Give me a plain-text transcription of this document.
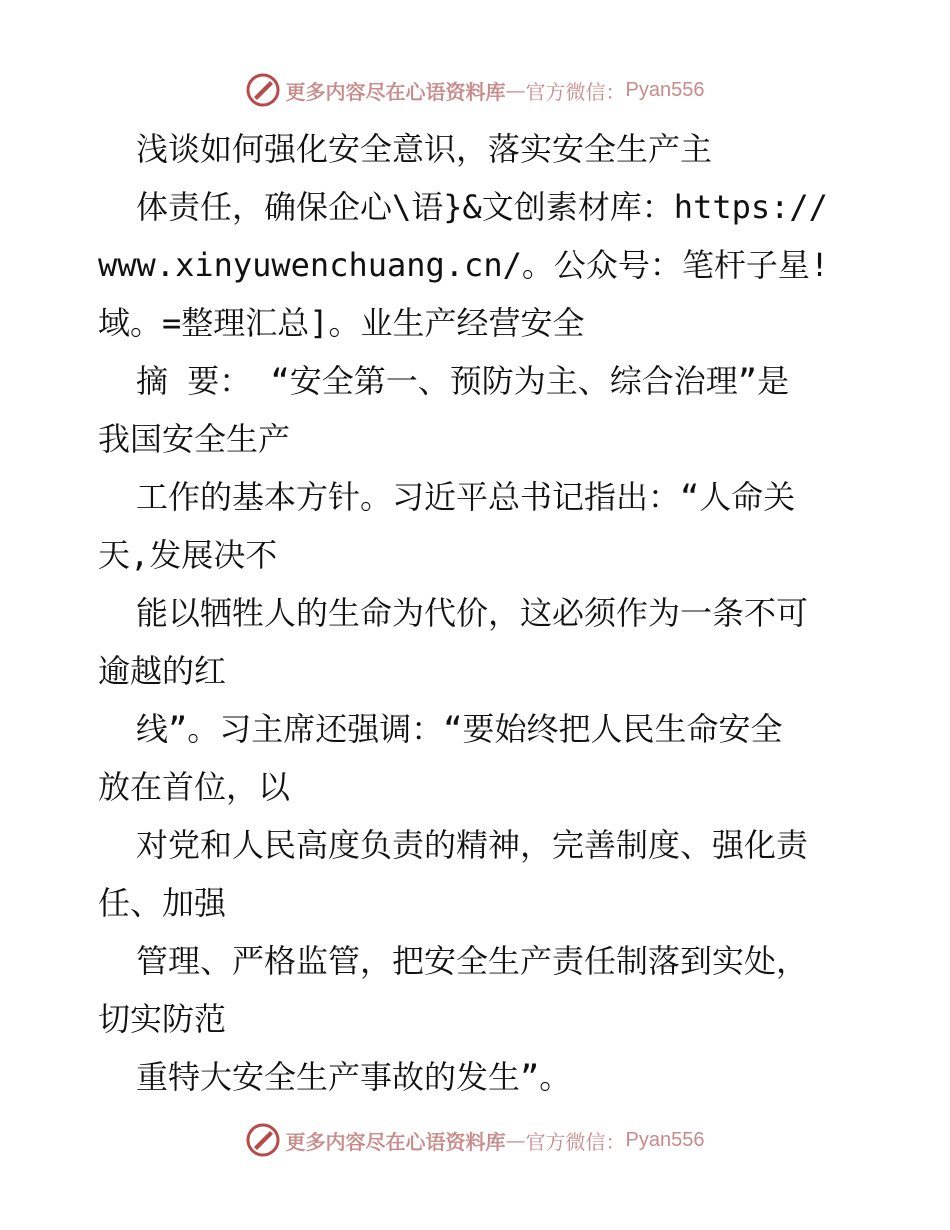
更多内容尽在心语资料库 — 官方微信： Pyan556
浅谈如何强化安全意识，落实安全生产主
体责任，确保企心\语}&文创素材库：https://
www.xinyuwenchuang.cn/。公众号：笔杆子星!
域。=整理汇总]。业生产经营安全
摘 要： “安全第一、预防为主、综合治理”是
我国安全生产
工作的基本方针。习近平总书记指出：“人命关
天,发展决不
能以牺牲人的生命为代价，这必须作为一条不可
逾越的红
线”。习主席还强调：“要始终把人民生命安全
放在首位，以
对党和人民高度负责的精神，完善制度、强化责
任、加强
管理、严格监管，把安全生产责任制落到实处，
切实防范
重特大安全生产事故的发生”。
更多内容尽在心语资料库 — 官方微信： Pyan556
